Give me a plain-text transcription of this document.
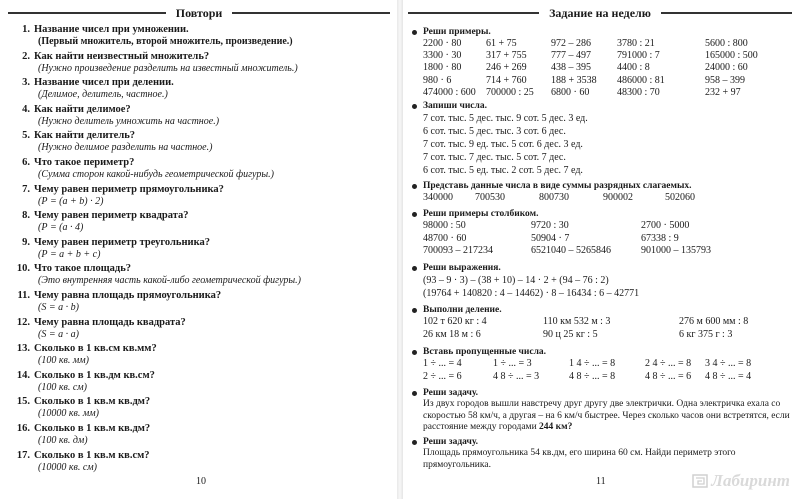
Повтори
1. Название чисел при умножении.
(Первый множитель, второй множитель, произведение.)
2. Как найти неизвестный множитель?
(Нужно произведение разделить на известный множитель.)
3. Название чисел при делении.
(Делимое, делитель, частное.)
4. Как найти делимое?
(Нужно делитель умножить на частное.)
5. Как найти делитель?
(Нужно делимое разделить на частное.)
6. Что такое периметр?
(Сумма сторон какой-нибудь геометрической фигуры.)
7. Чему равен периметр прямоугольника?
(Р = (а + b) · 2)
8. Чему равен периметр квадрата?
(Р = (а · 4)
9. Чему равен периметр треугольника?
(Р = а + b + с)
10. Что такое площадь?
(Это внутренняя часть какой-либо геометрической фигуры.)
11. Чему равна площадь прямоугольника?
(S = а · b)
12. Чему равна площадь квадрата?
(S = а · а)
13. Сколько в 1 кв.см кв.мм?
(100 кв. мм)
14. Сколько в 1 кв.дм кв.см?
(100 кв. см)
15. Сколько в 1 кв.м кв.дм?
(10000 кв. мм)
16. Сколько в 1 кв.м кв.дм?
(100 кв. дм)
17. Сколько в 1 кв.м кв.см?
(10000 кв. см)
10
Задание на неделю
Реши примеры.
2200 · 80	61 + 75	972 – 286	3780 : 21	5600 : 800
3300 · 30	317 + 755	777 – 497	791000 : 7	165000 : 500
1800 · 80	246 + 269	438 – 395	4400 : 8	24000 : 60
980 · 6	714 + 760	188 + 3538	486000 : 81	958 – 399
474000 : 600	700000 : 25	6800 · 60	48300 : 70	232 + 97
Запиши числа.
7 сот. тыс. 5 дес. тыс. 9 сот. 5 дес. 3 ед.
6 сот. тыс. 5 дес. тыс. 3 сот. 6 дес.
7 сот. тыс. 9 ед. тыс. 5 сот. 6 дес. 3 ед.
7 сот. тыс. 7 дес. тыс. 5 сот. 7 дес.
6 сот. тыс. 5 ед. тыс. 2 сот. 5 дес. 7 ед.
Представь данные числа в виде суммы разрядных слагаемых.
340000	700530	800730	900002	502060
Реши примеры столбиком.
98000 : 50	9720 : 30	2700 · 5000
48700 · 60	50904 · 7	67338 : 9
700093 – 217234	6521040 – 5265846	901000 – 135793
Реши выражения.
(93 – 9 · 3) – (38 + 10) – 14 · 2 + (94 – 76 : 2)
(19764 + 140820 : 4 – 14462) · 8 – 16434 : 6 – 42771
Выполни деление.
102 т 620 кг : 4	110 км 532 м : 3	276 м 600 мм : 8
26 км 18 м : 6	90 ц 25 кг : 5	6 кг 375 г : 3
Вставь пропущенные числа.
1 ÷ ... = 4	1 ÷ ... = 3	1 4 ÷ ... = 8	2 4 ÷ ... = 8	3 4 ÷ ... = 8
2 ÷ ... = 6	4 8 ÷ ... = 3	4 8 ÷ ... = 8	4 8 ÷ ... = 6	4 8 ÷ ... = 4
Реши задачу.
Из двух городов вышли навстречу друг другу две электрички. Одна электричка ехала со скоростью 58 км/ч, а другая – на 6 км/ч быстрее. Через сколько часов они встретятся, если расстояние между городами 244 км?
Реши задачу.
Площадь прямоугольника 54 кв.дм, его ширина 60 см. Найди периметр этого прямоугольника.
11	Лабиринт
